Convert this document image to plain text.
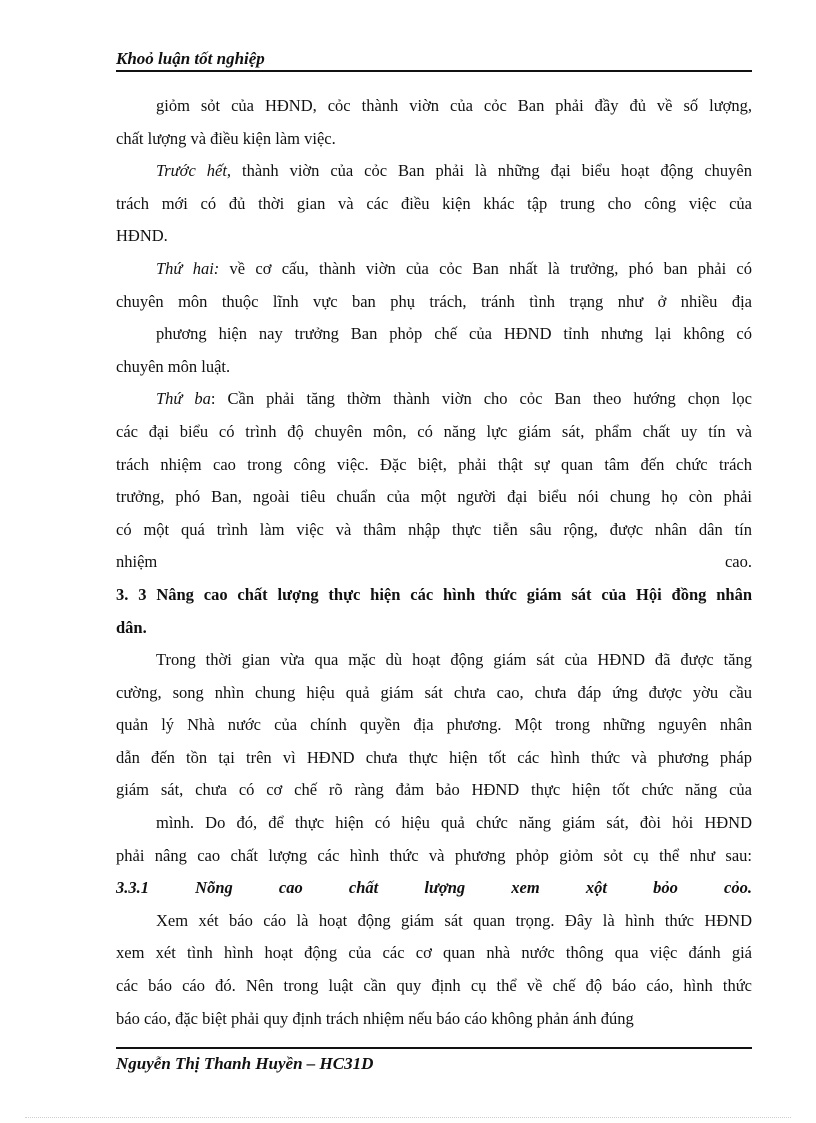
Khoỏ luận tốt nghiệp
giỏm sỏt của HĐND, cỏc thành viờn của cỏc Ban phải đầy đủ về số lượng,
chất lượng và điều kiện làm việc.
Trước hết, thành viờn của cỏc Ban phải là những đại biểu hoạt động chuyên
trách mới có đủ thời gian và các điều kiện khác tập trung cho công việc của
HĐND.
Thứ hai: về cơ cấu, thành viờn của cỏc Ban nhất là trưởng, phó ban phải có
chuyên môn thuộc lĩnh vực ban phụ trách, tránh tình trạng như ở nhiều địa
phương hiện nay trưởng Ban phỏp chế của HĐND tỉnh nhưng lại không có
chuyên môn luật.
Thứ ba: Cần phải tăng thờm thành viờn cho cỏc Ban theo hướng chọn lọc
các đại biểu có trình độ chuyên môn, có năng lực giám sát, phẩm chất uy tín và
trách nhiệm cao trong công việc. Đặc biệt, phải thật sự quan tâm đến chức trách
trưởng, phó Ban, ngoài tiêu chuẩn của một người đại biểu nói chung họ còn phải
có một quá trình làm việc và thâm nhập thực tiễn sâu rộng, được nhân dân tín
nhiệm	cao.
3. 3 Nâng cao chất lượng thực hiện các hình thức giám sát của Hội đồng nhân
dân.
Trong thời gian vừa qua mặc dù hoạt động giám sát của HĐND đã được tăng
cường, song nhìn chung hiệu quả giám sát chưa cao, chưa đáp ứng được yờu cầu
quản lý Nhà nước của chính quyền địa phương. Một trong những nguyên nhân
dẫn đến tồn tại trên vì HĐND chưa thực hiện tốt các hình thức và phương pháp
giám sát, chưa có cơ chế rõ ràng đảm bảo HĐND thực hiện tốt chức năng của
mình. Do đó, để thực hiện có hiệu quả chức năng giám sát, đòi hỏi HĐND
phải nâng cao chất lượng các hình thức và phương phỏp giỏm sỏt cụ thể như sau:
3.3.1 Nõng cao chất lượng xem xột bỏo cỏo.
Xem xét báo cáo là hoạt động giám sát quan trọng. Đây là hình thức HĐND
xem xét tình hình hoạt động của các cơ quan nhà nước thông qua việc đánh giá
các báo cáo đó. Nên trong luật cần quy định cụ thể về chế độ báo cáo, hình thức
báo cáo, đặc biệt phải quy định trách nhiệm nếu báo cáo không phản ánh đúng
Nguyễn Thị Thanh Huyền – HC31D
